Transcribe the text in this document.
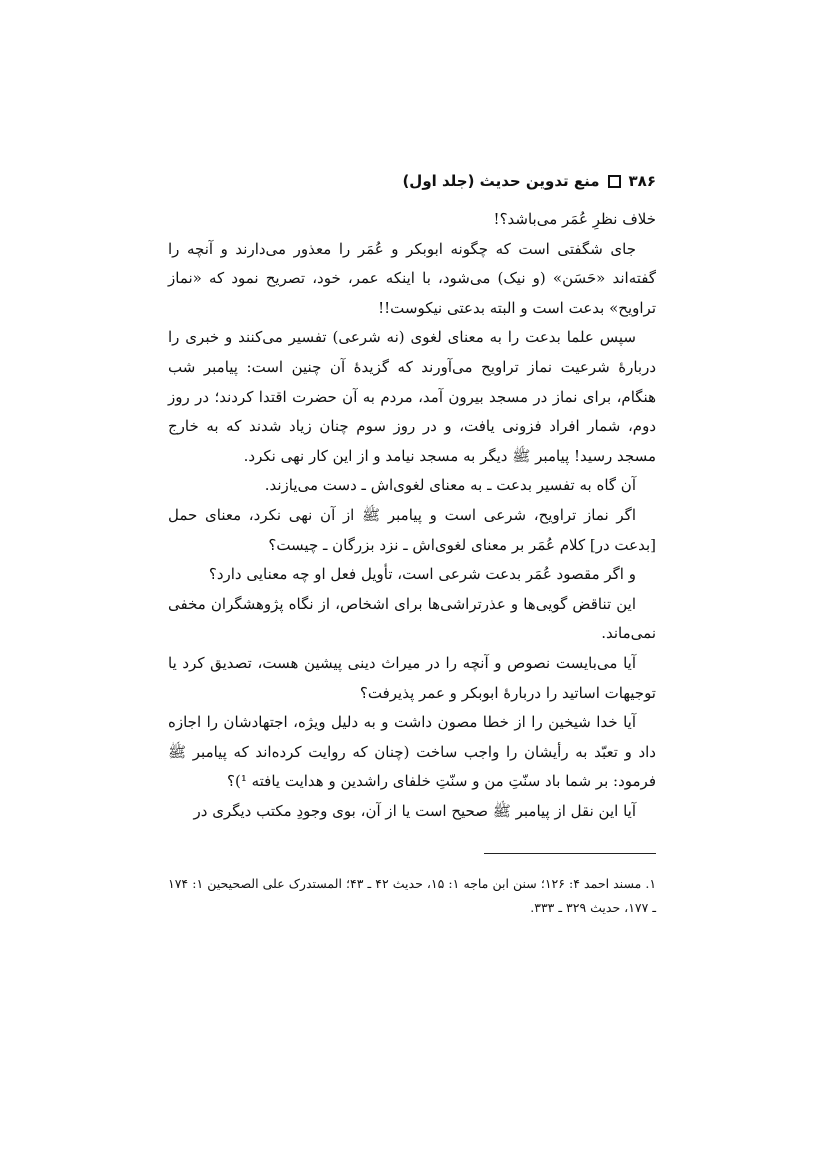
۳۸۶
منع تدوین حدیث (جلد اول)

خلاف نظرِ عُمَر می‌باشد؟!

جای شگفتی است که چگونه ابوبکر و عُمَر را معذور می‌دارند و آنچه را گفته‌اند «حَسَن» (و نیک) می‌شود، با اینکه عمر، خود، تصریح نمود که «نماز تراویح» بدعت است و البته بدعتی نیکوست!!

سپس علما بدعت را به معنای لغوی (نه شرعی) تفسیر می‌کنند و خبری را دربارهٔ شرعیت نماز تراویح می‌آورند که گزیدهٔ آن چنین است: پیامبر شب هنگام، برای نماز در مسجد بیرون آمد، مردم به آن حضرت اقتدا کردند؛ در روز دوم، شمار افراد فزونی یافت، و در روز سوم چنان زیاد شدند که به خارج مسجد رسید! پیامبر ﷺ دیگر به مسجد نیامد و از این کار نهی نکرد.

آن گاه به تفسیر بدعت ـ به معنای لغوی‌اش ـ دست می‌یازند.

اگر نماز تراویح، شرعی است و پیامبر ﷺ از آن نهی نکرد، معنای حمل [بدعت در] کلام عُمَر بر معنای لغوی‌اش ـ نزد بزرگان ـ چیست؟

و اگر مقصود عُمَر بدعت شرعی است، تأویل فعل او چه معنایی دارد؟

این تناقض گویی‌ها و عذرتراشی‌ها برای اشخاص، از نگاه پژوهشگران مخفی نمی‌ماند.

آیا می‌بایست نصوص و آنچه را در میراث دینی پیشین هست، تصدیق کرد یا توجیهات اساتید را دربارهٔ ابوبکر و عمر پذیرفت؟

آیا خدا شیخین را از خطا مصون داشت و به دلیل ویژه، اجتهادشان را اجازه داد و تعبّد به رأیشان را واجب ساخت (چنان که روایت کرده‌اند که پیامبر ﷺ فرمود: بر شما باد سنّتِ من و سنّتِ خلفای راشدین و هدایت یافته ¹)؟

آیا این نقل از پیامبر ﷺ صحیح است یا از آن، بوی وجودِ مکتب دیگری در

۱. مسند احمد ۴: ۱۲۶؛ سنن ابن ماجه ۱: ۱۵، حدیث ۴۲ ـ ۴۳؛ المستدرک علی الصحیحین ۱: ۱۷۴ ـ ۱۷۷، حدیث ۳۲۹ ـ ۳۳۳.
